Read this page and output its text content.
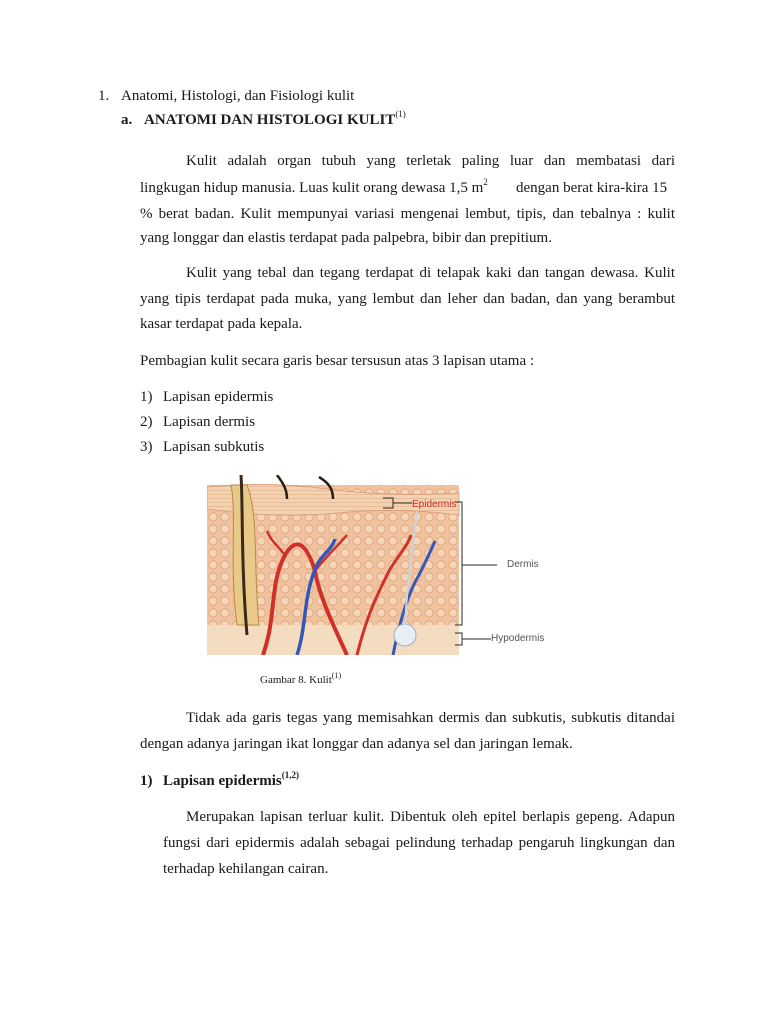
1. Anatomi, Histologi, dan Fisiologi kulit
a. ANATOMI DAN HISTOLOGI KULIT$^{(1)}$
Kulit adalah organ tubuh yang terletak paling luar dan membatasi dari
lingkugan hidup manusia. Luas kulit orang dewasa 1,5 $m^2$ dengan berat kira-kira 15
% berat badan. Kulit mempunyai variasi mengenai lembut, tipis, dan tebalnya : kulit
yang longgar dan elastis terdapat pada palpebra, bibir dan prepitium.
Kulit yang tebal dan tegang terdapat di telapak kaki dan tangan dewasa. Kulit
yang tipis terdapat pada muka, yang lembut dan leher dan badan, dan yang berambut
kasar terdapat pada kepala.
Pembagian kulit secara garis besar tersusun atas 3 lapisan utama :
1) Lapisan epidermis
2) Lapisan dermis
3) Lapisan subkutis
Epidermis
Dermis
Hypodermis
Gambar 8. Kulit$^{(1)}$
Tidak ada garis tegas yang memisahkan dermis dan subkutis, subkutis ditandai
dengan adanya jaringan ikat longgar dan adanya sel dan jaringan lemak.
1) Lapisan epidermis$^{(1,2)}$
Merupakan lapisan terluar kulit. Dibentuk oleh epitel berlapis gepeng. Adapun
fungsi dari epidermis adalah sebagai pelindung terhadap pengaruh lingkungan dan
terhadap kehilangan cairan.
